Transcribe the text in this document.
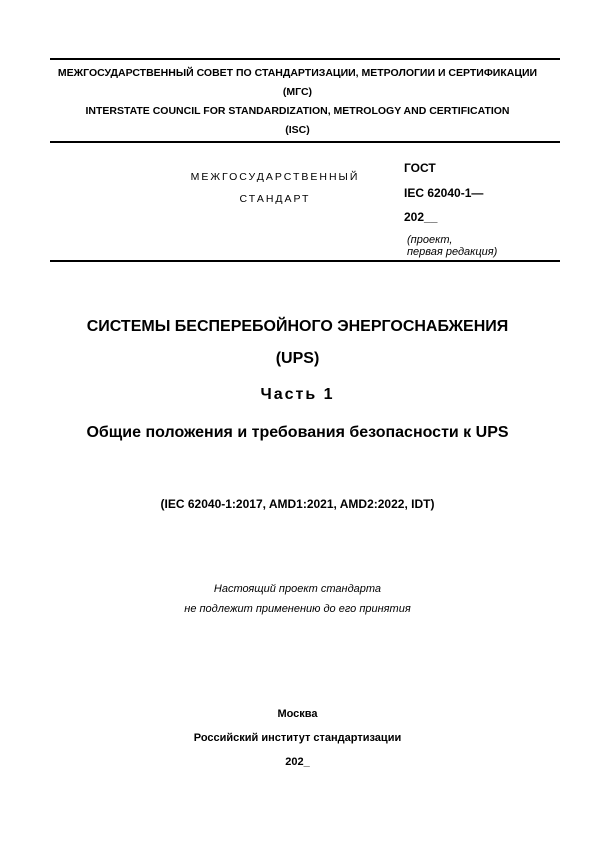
МЕЖГОСУДАРСТВЕННЫЙ СОВЕТ ПО СТАНДАРТИЗАЦИИ, МЕТРОЛОГИИ И СЕРТИФИКАЦИИ
(МГС)
INTERSTATE COUNCIL FOR STANDARDIZATION, METROLOGY AND CERTIFICATION
(ISC)
МЕЖГОСУДАРСТВЕННЫЙ
СТАНДАРТ
ГОСТ
IEC 62040-1—
202__
(проект,
первая редакция)
СИСТЕМЫ БЕСПЕРЕБОЙНОГО ЭНЕРГОСНАБЖЕНИЯ
(UPS)
Часть 1
Общие положения и требования безопасности к UPS
(IEC 62040-1:2017, AMD1:2021, AMD2:2022, IDT)
Настоящий проект стандарта
не подлежит применению до его принятия
Москва
Российский институт стандартизации
202_
